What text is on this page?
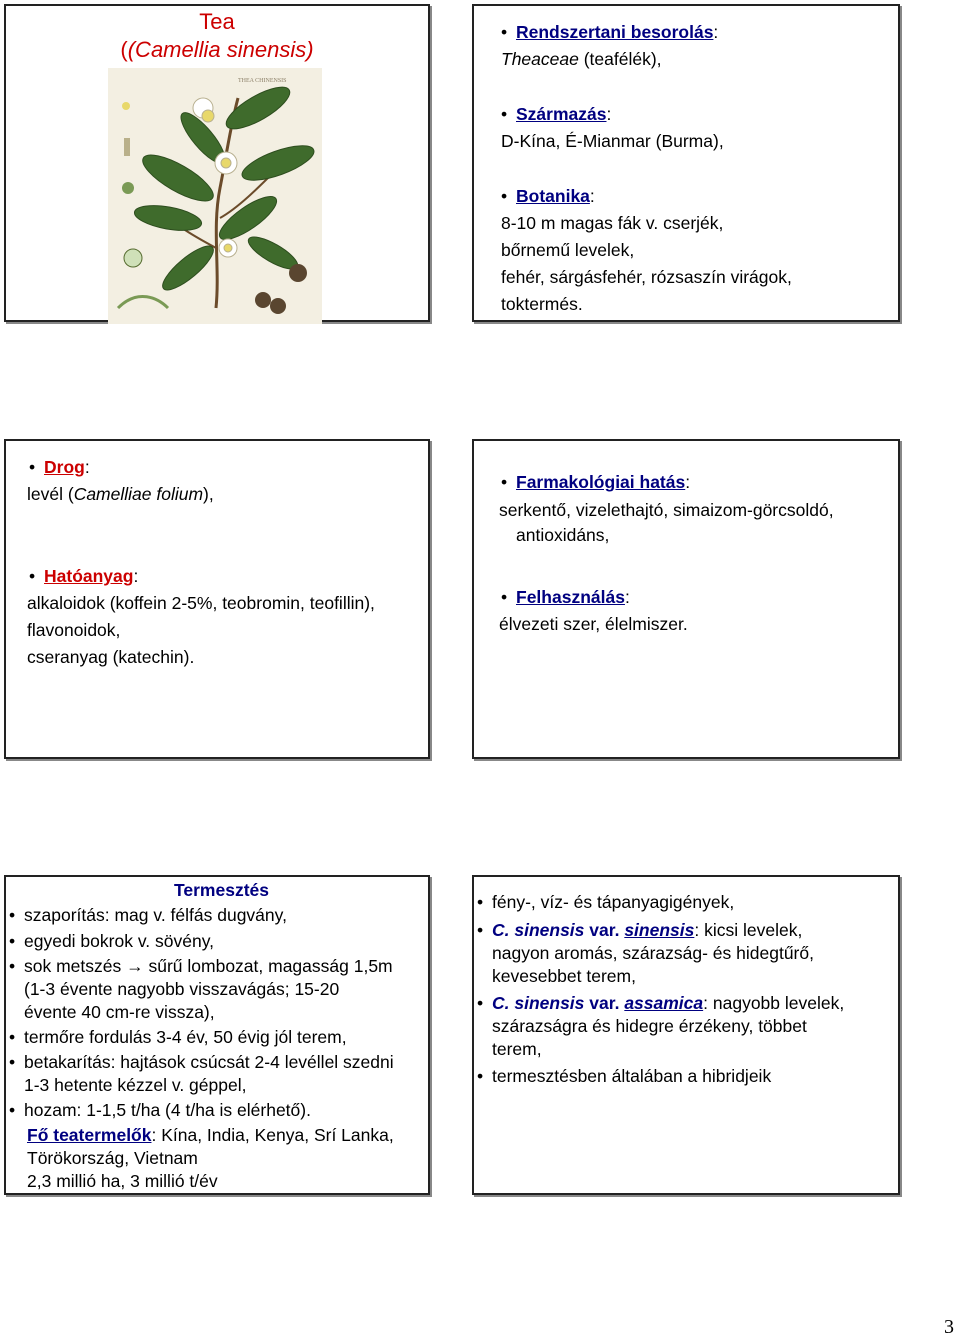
Tea
((Camellia sinensis)
THEA CHINENSIS
• Rendszertani besorolás:
Theaceae (teafélék),
• Származás:
D-Kína, É-Mianmar (Burma),
• Botanika:
8-10 m magas fák v. cserjék,
bőrnemű levelek,
fehér, sárgásfehér, rózsaszín virágok,
toktermés.
• Drog:
levél (Camelliae folium),
• Hatóanyag:
alkaloidok (koffein 2-5%, teobromin, teofillin),
flavonoidok,
cseranyag (katechin).
• Farmakológiai hatás:
serkentő, vizelethajtó, simaizom-görcsoldó,
antioxidáns,
• Felhasználás:
élvezeti szer, élelmiszer.
Termesztés
• szaporítás: mag v. félfás dugvány,
• egyedi bokrok v. sövény,
• sok metszés → sűrű lombozat, magasság 1,5m
(1-3 évente nagyobb visszavágás; 15-20
évente 40 cm-re vissza),
• termőre fordulás 3-4 év, 50 évig jól terem,
• betakarítás: hajtások csúcsát 2-4 levéllel szedni
1-3 hetente kézzel v. géppel,
• hozam: 1-1,5 t/ha (4 t/ha is elérhető).
Fő teatermelők: Kína, India, Kenya, Srí Lanka,
Törökország, Vietnam
2,3 millió ha, 3 millió t/év
• fény-, víz- és tápanyagigények,
• C. sinensis var. sinensis: kicsi levelek,
nagyon aromás, szárazság- és hidegtűrő,
kevesebbet terem,
• C. sinensis var. assamica: nagyobb levelek,
szárazságra és hidegre érzékeny, többet
terem,
• termesztésben általában a hibridjeik
3
